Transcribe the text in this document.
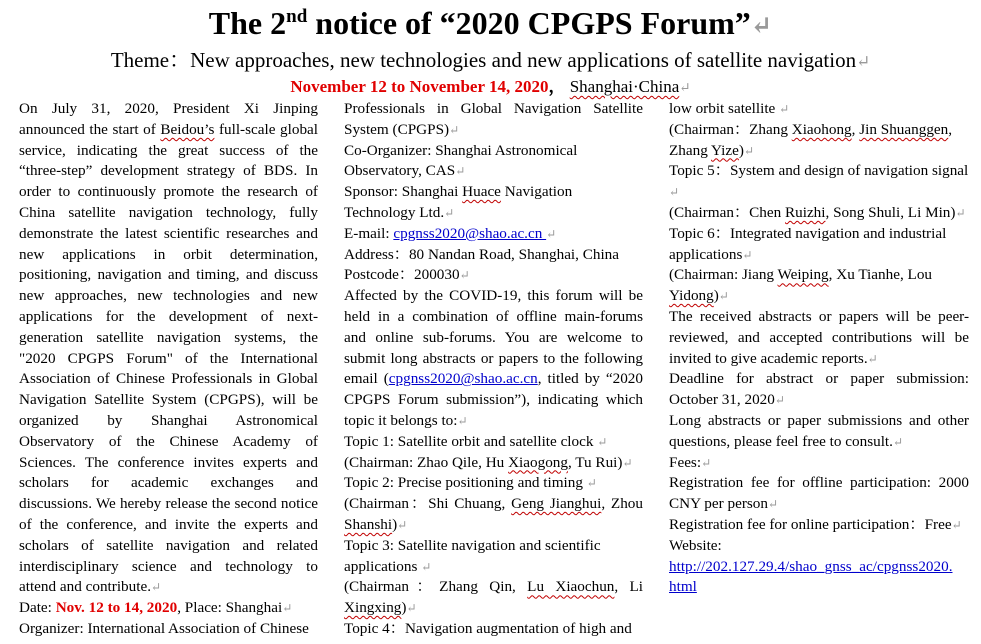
The 2nd notice of “2020 CPGPS Forum”↵
Theme：New approaches, new technologies and new applications of satellite navigation↵
November 12 to November 14, 2020， Shanghai·China↵

On July 31, 2020, President Xi Jinping announced the start of Beidou’s full-scale global service, indicating the great success of the “three-step” development strategy of BDS. In order to continuously promote the research of China satellite navigation technology, fully demonstrate the latest scientific researches and new applications in orbit determination, positioning, navigation and timing, and discuss new approaches, new technologies and new applications for the development of next-generation satellite navigation systems, the "2020 CPGPS Forum" of the International Association of Chinese Professionals in Global Navigation Satellite System (CPGPS), will be organized by Shanghai Astronomical Observatory of the Chinese Academy of Sciences. The conference invites experts and scholars for academic exchanges and discussions. We hereby release the second notice of the conference, and invite the experts and scholars of satellite navigation and related interdisciplinary science and technology to attend and contribute.↵

Date: Nov. 12 to 14, 2020, Place: Shanghai↵

Organizer: International Association of Chinese

Professionals in Global Navigation Satellite System (CPGPS)↵

Co-Organizer: Shanghai Astronomical Observatory, CAS↵

Sponsor: Shanghai Huace Navigation Technology Ltd.↵

E-mail: cpgnss2020@shao.ac.cn ↵

Address：80 Nandan Road, Shanghai, China

Postcode：200030↵

Affected by the COVID-19, this forum will be held in a combination of offline main-forums and online sub-forums. You are welcome to submit long abstracts or papers to the following email (cpgnss2020@shao.ac.cn, titled by “2020 CPGPS Forum submission”), indicating which topic it belongs to:↵

Topic 1: Satellite orbit and satellite clock ↵

(Chairman: Zhao Qile, Hu Xiaogong, Tu Rui)↵

Topic 2: Precise positioning and timing ↵

(Chairman：Shi Chuang, Geng Jianghui, Zhou Shanshi)↵

Topic 3: Satellite navigation and scientific applications ↵

(Chairman：Zhang Qin, Lu Xiaochun, Li Xingxing)↵

Topic 4：Navigation augmentation of high and

low orbit satellite ↵

(Chairman：Zhang Xiaohong, Jin Shuanggen, Zhang Yize)↵

Topic 5：System and design of navigation signal ↵

(Chairman：Chen Ruizhi, Song Shuli, Li Min)↵

Topic 6：Integrated navigation and industrial applications↵

(Chairman: Jiang Weiping, Xu Tianhe, Lou Yidong)↵

The received abstracts or papers will be peer-reviewed, and accepted contributions will be invited to give academic reports.↵

Deadline for abstract or paper submission: October 31, 2020↵

Long abstracts or paper submissions and other questions, please feel free to consult.↵

Fees:↵

Registration fee for offline participation: 2000 CNY per person↵

Registration fee for online participation：Free↵

Website:

http://202.127.29.4/shao_gnss_ac/cpgnss2020.html
